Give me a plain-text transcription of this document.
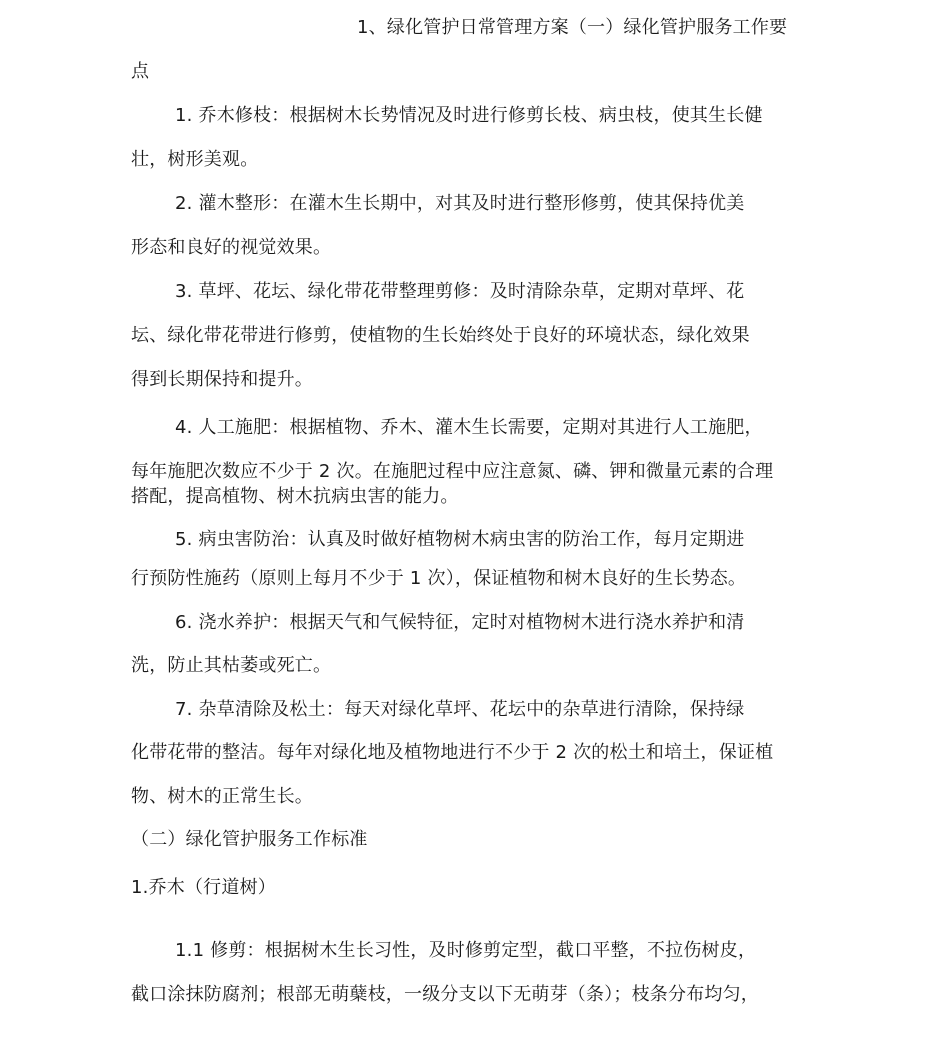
1、绿化管护日常管理方案（一）绿化管护服务工作要
点
1. 乔木修枝：根据树木长势情况及时进行修剪长枝、病虫枝，使其生长健
壮，树形美观。
2. 灌木整形：在灌木生长期中，对其及时进行整形修剪，使其保持优美
形态和良好的视觉效果。
3. 草坪、花坛、绿化带花带整理剪修：及时清除杂草，定期对草坪、花
坛、绿化带花带进行修剪，使植物的生长始终处于良好的环境状态，绿化效果
得到长期保持和提升。
4. 人工施肥：根据植物、乔木、灌木生长需要，定期对其进行人工施肥，
每年施肥次数应不少于 2 次。在施肥过程中应注意氮、磷、钾和微量元素的合理
搭配，提高植物、树木抗病虫害的能力。
5. 病虫害防治：认真及时做好植物树木病虫害的防治工作，每月定期进
行预防性施药（原则上每月不少于 1 次），保证植物和树木良好的生长势态。
6. 浇水养护：根据天气和气候特征，定时对植物树木进行浇水养护和清
洗，防止其枯萎或死亡。
7. 杂草清除及松土：每天对绿化草坪、花坛中的杂草进行清除，保持绿
化带花带的整洁。每年对绿化地及植物地进行不少于 2 次的松土和培土，保证植
物、树木的正常生长。
（二）绿化管护服务工作标准
1.乔木（行道树）
1.1 修剪：根据树木生长习性，及时修剪定型，截口平整，不拉伤树皮，
截口涂抹防腐剂；根部无萌蘖枝，一级分支以下无萌芽（条）；枝条分布均匀，
